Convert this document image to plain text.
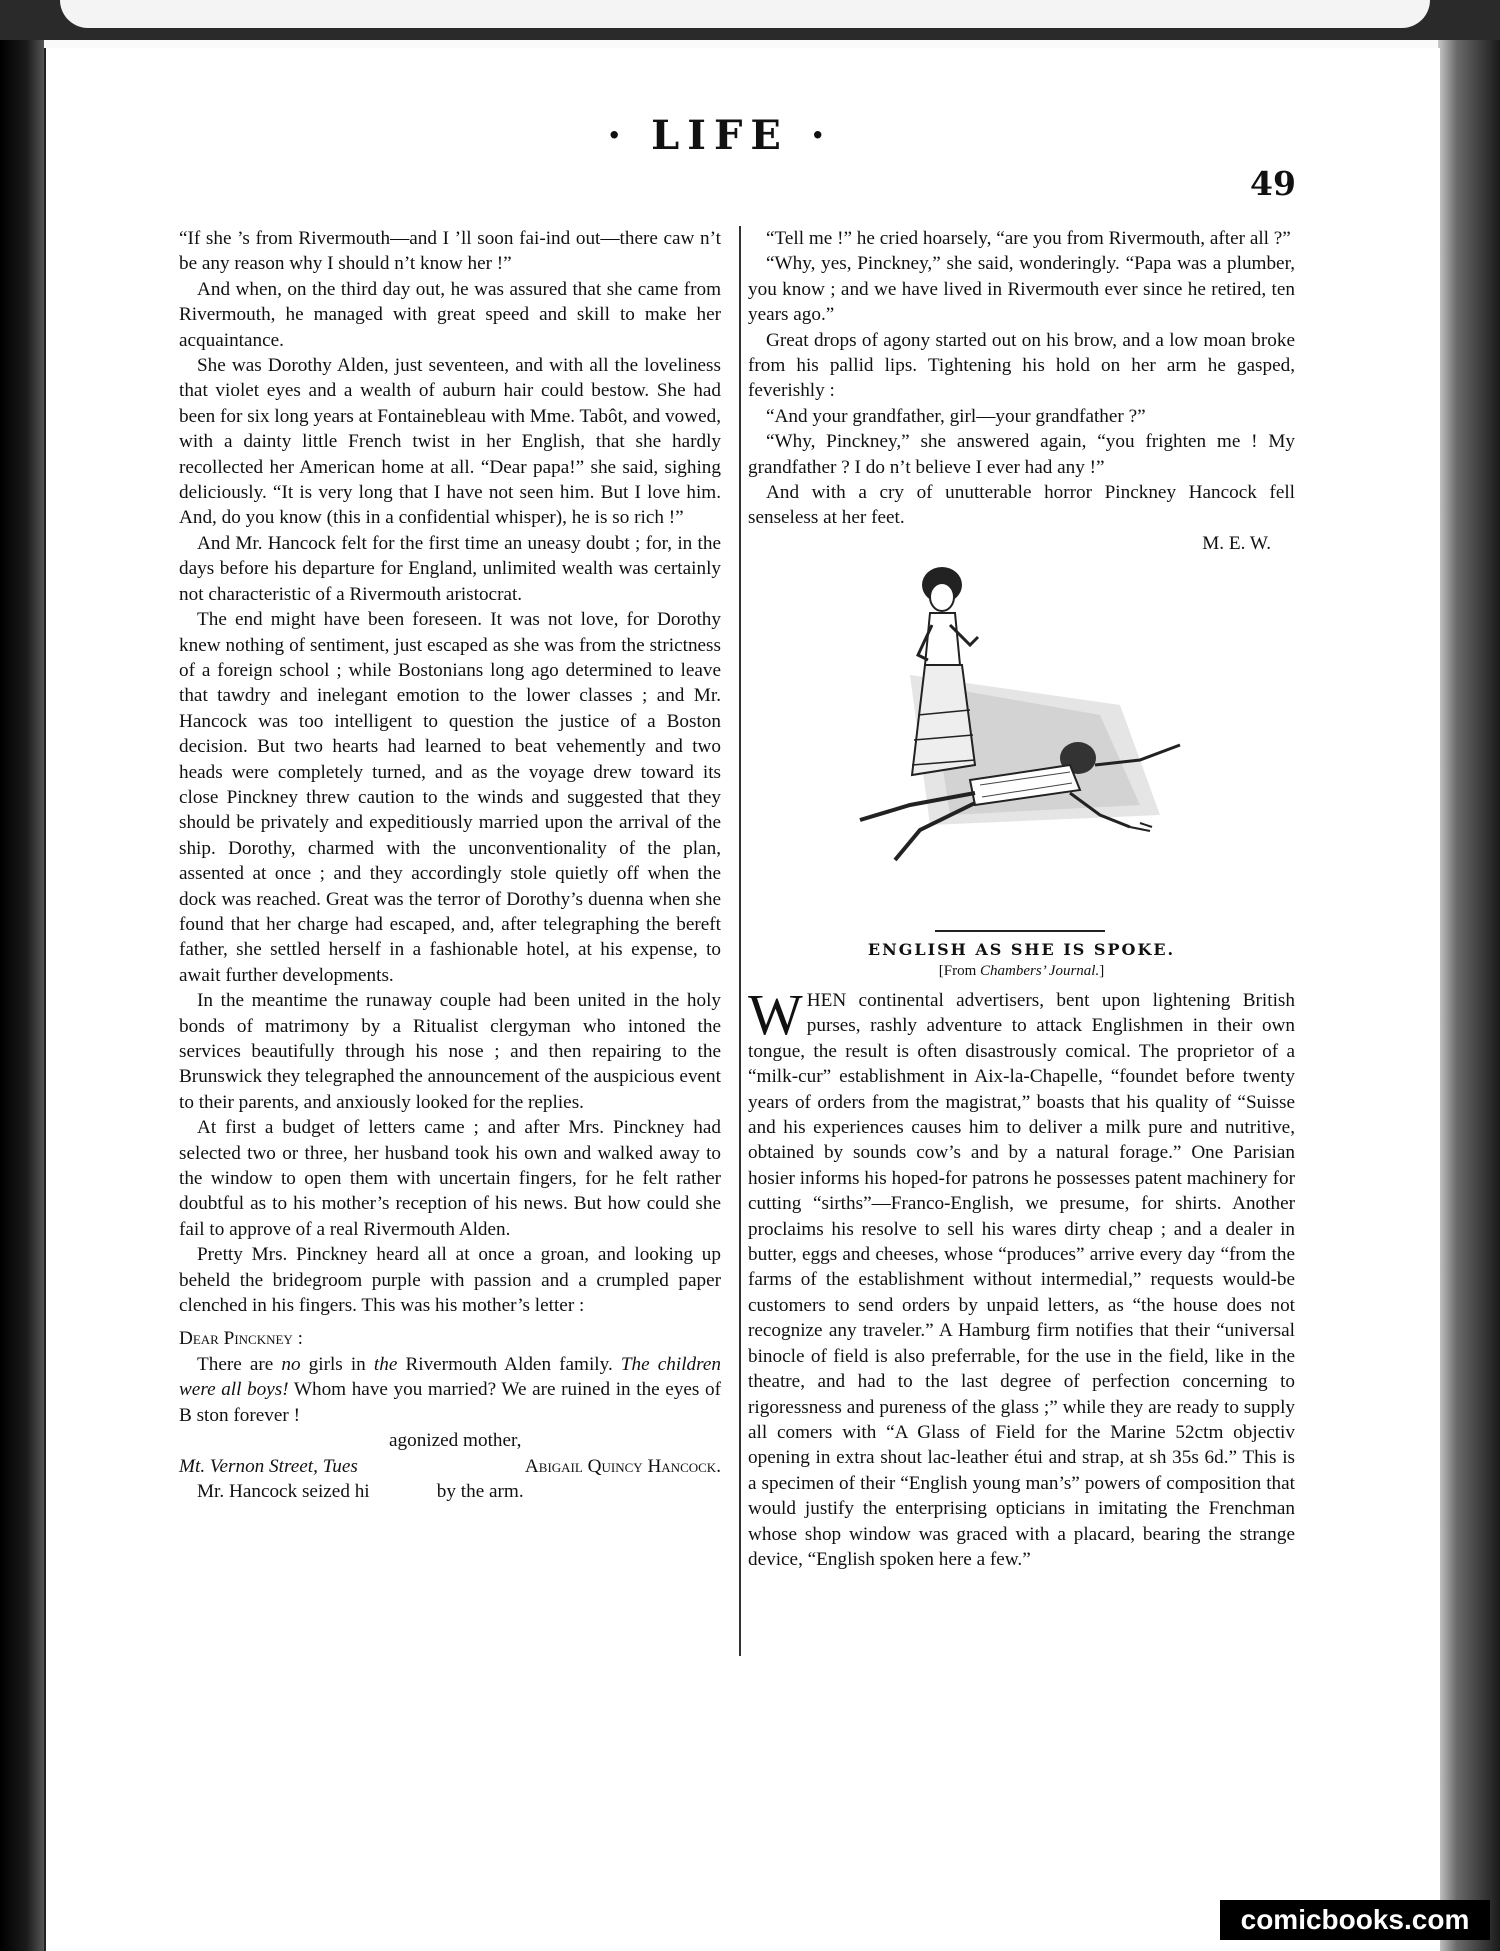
· LIFE ·
49

“If she ’s from Rivermouth—and I ’ll soon fai-ind out—there caw n’t be any reason why I should n’t know her !”

And when, on the third day out, he was assured that she came from Rivermouth, he managed with great speed and skill to make her acquaintance.

She was Dorothy Alden, just seventeen, and with all the loveliness that violet eyes and a wealth of auburn hair could bestow. She had been for six long years at Fontainebleau with Mme. Tabôt, and vowed, with a dainty little French twist in her English, that she hardly recollected her American home at all. “Dear papa!” she said, sighing deliciously. “It is very long that I have not seen him. But I love him. And, do you know (this in a confidential whisper), he is so rich !”

And Mr. Hancock felt for the first time an uneasy doubt ; for, in the days before his departure for England, unlimited wealth was certainly not characteristic of a Rivermouth aristocrat.

The end might have been foreseen. It was not love, for Dorothy knew nothing of sentiment, just escaped as she was from the strictness of a foreign school ; while Bostonians long ago determined to leave that tawdry and inelegant emotion to the lower classes ; and Mr. Hancock was too intelligent to question the justice of a Boston decision. But two hearts had learned to beat vehemently and two heads were completely turned, and as the voyage drew toward its close Pinckney threw caution to the winds and suggested that they should be privately and expeditiously married upon the arrival of the ship. Dorothy, charmed with the unconventionality of the plan, assented at once ; and they accordingly stole quietly off when the dock was reached. Great was the terror of Dorothy’s duenna when she found that her charge had escaped, and, after telegraphing the bereft father, she settled herself in a fashionable hotel, at his expense, to await further developments.

In the meantime the runaway couple had been united in the holy bonds of matrimony by a Ritualist clergyman who intoned the services beautifully through his nose ; and then repairing to the Brunswick they telegraphed the announcement of the auspicious event to their parents, and anxiously looked for the replies.

At first a budget of letters came ; and after Mrs. Pinckney had selected two or three, her husband took his own and walked away to the window to open them with uncertain fingers, for he felt rather doubtful as to his mother’s reception of his news. But how could she fail to approve of a real Rivermouth Alden.

Pretty Mrs. Pinckney heard all at once a groan, and looking up beheld the bridegroom purple with passion and a crumpled paper clenched in his fingers. This was his mother’s letter :

Dear Pinckney :

There are no girls in the Rivermouth Alden family. The children were all boys! Whom have you married? We are ruined in the eyes of B ston forever !

agonized mother,

Mt. Vernon Street, Tues	Abigail Quincy Hancock.

Mr. Hancock seized hi              by the arm.

“Tell me !” he cried hoarsely, “are you from Rivermouth, after all ?”

“Why, yes, Pinckney,” she said, wonderingly. “Papa was a plumber, you know ; and we have lived in Rivermouth ever since he retired, ten years ago.”

Great drops of agony started out on his brow, and a low moan broke from his pallid lips. Tightening his hold on her arm he gasped, feverishly :

“And your grandfather, girl—your grandfather ?”

“Why, Pinckney,” she answered again, “you frighten me ! My grandfather ? I do n’t believe I ever had any !”

And with a cry of unutterable horror Pinckney Hancock fell senseless at her feet.

M. E. W.

ENGLISH AS SHE IS SPOKE.
[From Chambers’ Journal.]

WHEN continental advertisers, bent upon lightening British purses, rashly adventure to attack Englishmen in their own tongue, the result is often disastrously comical. The proprietor of a “milk-cur” establishment in Aix-la-Chapelle, “foundet before twenty years of orders from the magistrat,” boasts that his quality of “Suisse and his experiences causes him to deliver a milk pure and nutritive, obtained by sounds cow’s and by a natural forage.” One Parisian hosier informs his hoped-for patrons he possesses patent machinery for cutting “sirths”—Franco-English, we presume, for shirts. Another proclaims his resolve to sell his wares dirty cheap ; and a dealer in butter, eggs and cheeses, whose “produces” arrive every day “from the farms of the establishment without intermedial,” requests would-be customers to send orders by unpaid letters, as “the house does not recognize any traveler.” A Hamburg firm notifies that their “universal binocle of field is also preferrable, for the use in the field, like in the theatre, and had to the last degree of perfection concerning to rigoressness and pureness of the glass ;” while they are ready to supply all comers with “A Glass of Field for the Marine 52ctm objectiv opening in extra shout lac-leather étui and strap, at sh 35s 6d.” This is a specimen of their “English young man’s” powers of composition that would justify the enterprising opticians in imitating the Frenchman whose shop window was graced with a placard, bearing the strange device, “English spoken here a few.”

comicbooks.com
